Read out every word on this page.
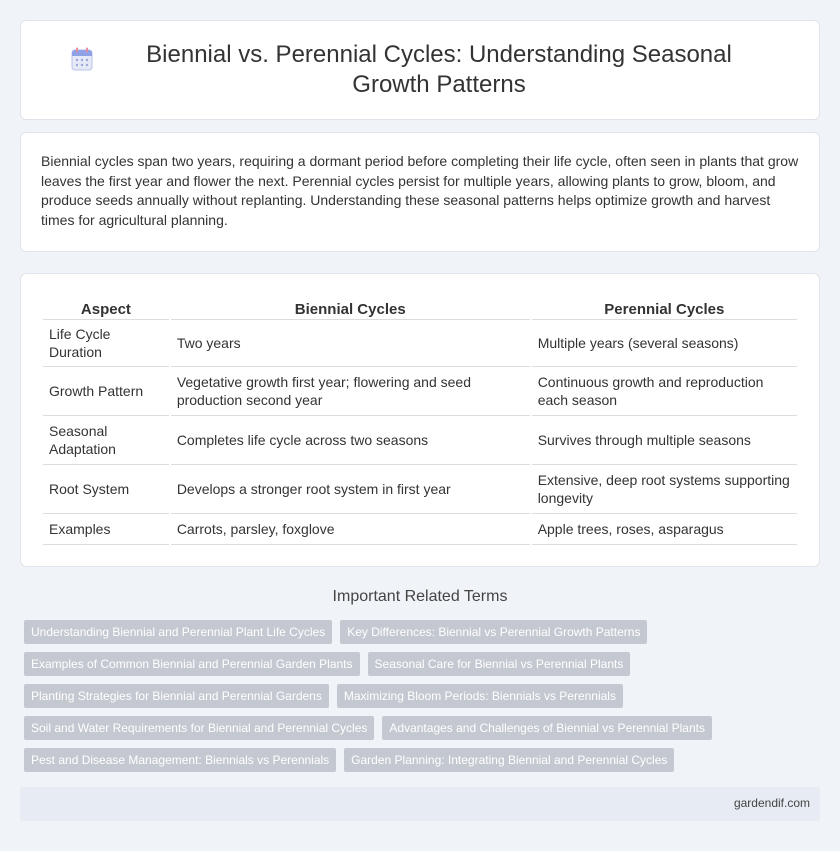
Biennial vs. Perennial Cycles: Understanding Seasonal Growth Patterns

Biennial cycles span two years, requiring a dormant period before completing their life cycle, often seen in plants that grow leaves the first year and flower the next. Perennial cycles persist for multiple years, allowing plants to grow, bloom, and produce seeds annually without replanting. Understanding these seasonal patterns helps optimize growth and harvest times for agricultural planning.

Aspect	Biennial Cycles	Perennial Cycles
Life Cycle Duration	Two years	Multiple years (several seasons)
Growth Pattern	Vegetative growth first year; flowering and seed production second year	Continuous growth and reproduction each season
Seasonal Adaptation	Completes life cycle across two seasons	Survives through multiple seasons
Root System	Develops a stronger root system in first year	Extensive, deep root systems supporting longevity
Examples	Carrots, parsley, foxglove	Apple trees, roses, asparagus
Important Related Terms
Understanding Biennial and Perennial Plant Life Cycles	Key Differences: Biennial vs Perennial Growth Patterns
Examples of Common Biennial and Perennial Garden Plants	Seasonal Care for Biennial vs Perennial Plants
Planting Strategies for Biennial and Perennial Gardens	Maximizing Bloom Periods: Biennials vs Perennials
Soil and Water Requirements for Biennial and Perennial Cycles	Advantages and Challenges of Biennial vs Perennial Plants
Pest and Disease Management: Biennials vs Perennials	Garden Planning: Integrating Biennial and Perennial Cycles
gardendif.com
